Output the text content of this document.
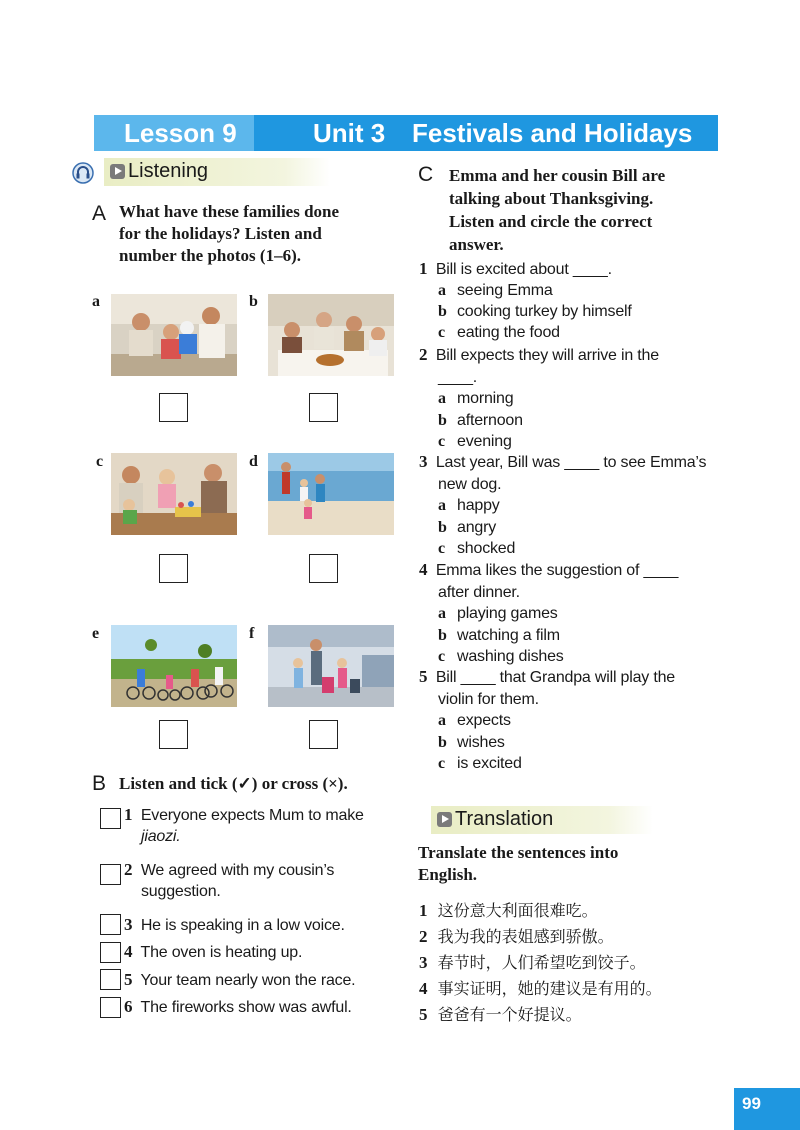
Lesson 9	Unit 3 Festivals and Holidays
Listening
A What have these families done
for the holidays? Listen and
number the photos (1–6).
a	b
c	d
e	f
B Listen and tick (✓) or cross (×).
1 Everyone expects Mum to make
jiaozi.
2 We agreed with my cousin’s
suggestion.
3 He is speaking in a low voice.
4 The oven is heating up.
5 Your team nearly won the race.
6 The fireworks show was awful.
C Emma and her cousin Bill are
talking about Thanksgiving.
Listen and circle the correct
answer.
1 Bill is excited about ____.
a seeing Emma
b cooking turkey by himself
c eating the food
2 Bill expects they will arrive in the
____.
a morning
b afternoon
c evening
3 Last year, Bill was ____ to see Emma’s
new dog.
a happy
b angry
c shocked
4 Emma likes the suggestion of ____
after dinner.
a playing games
b watching a film
c washing dishes
5 Bill ____ that Grandpa will play the
violin for them.
a expects
b wishes
c is excited
Translation
Translate the sentences into
English.
1 这份意大利面很难吃。
2 我为我的表姐感到骄傲。
3 春节时，人们希望吃到饺子。
4 事实证明，她的建议是有用的。
5 爸爸有一个好提议。
99
